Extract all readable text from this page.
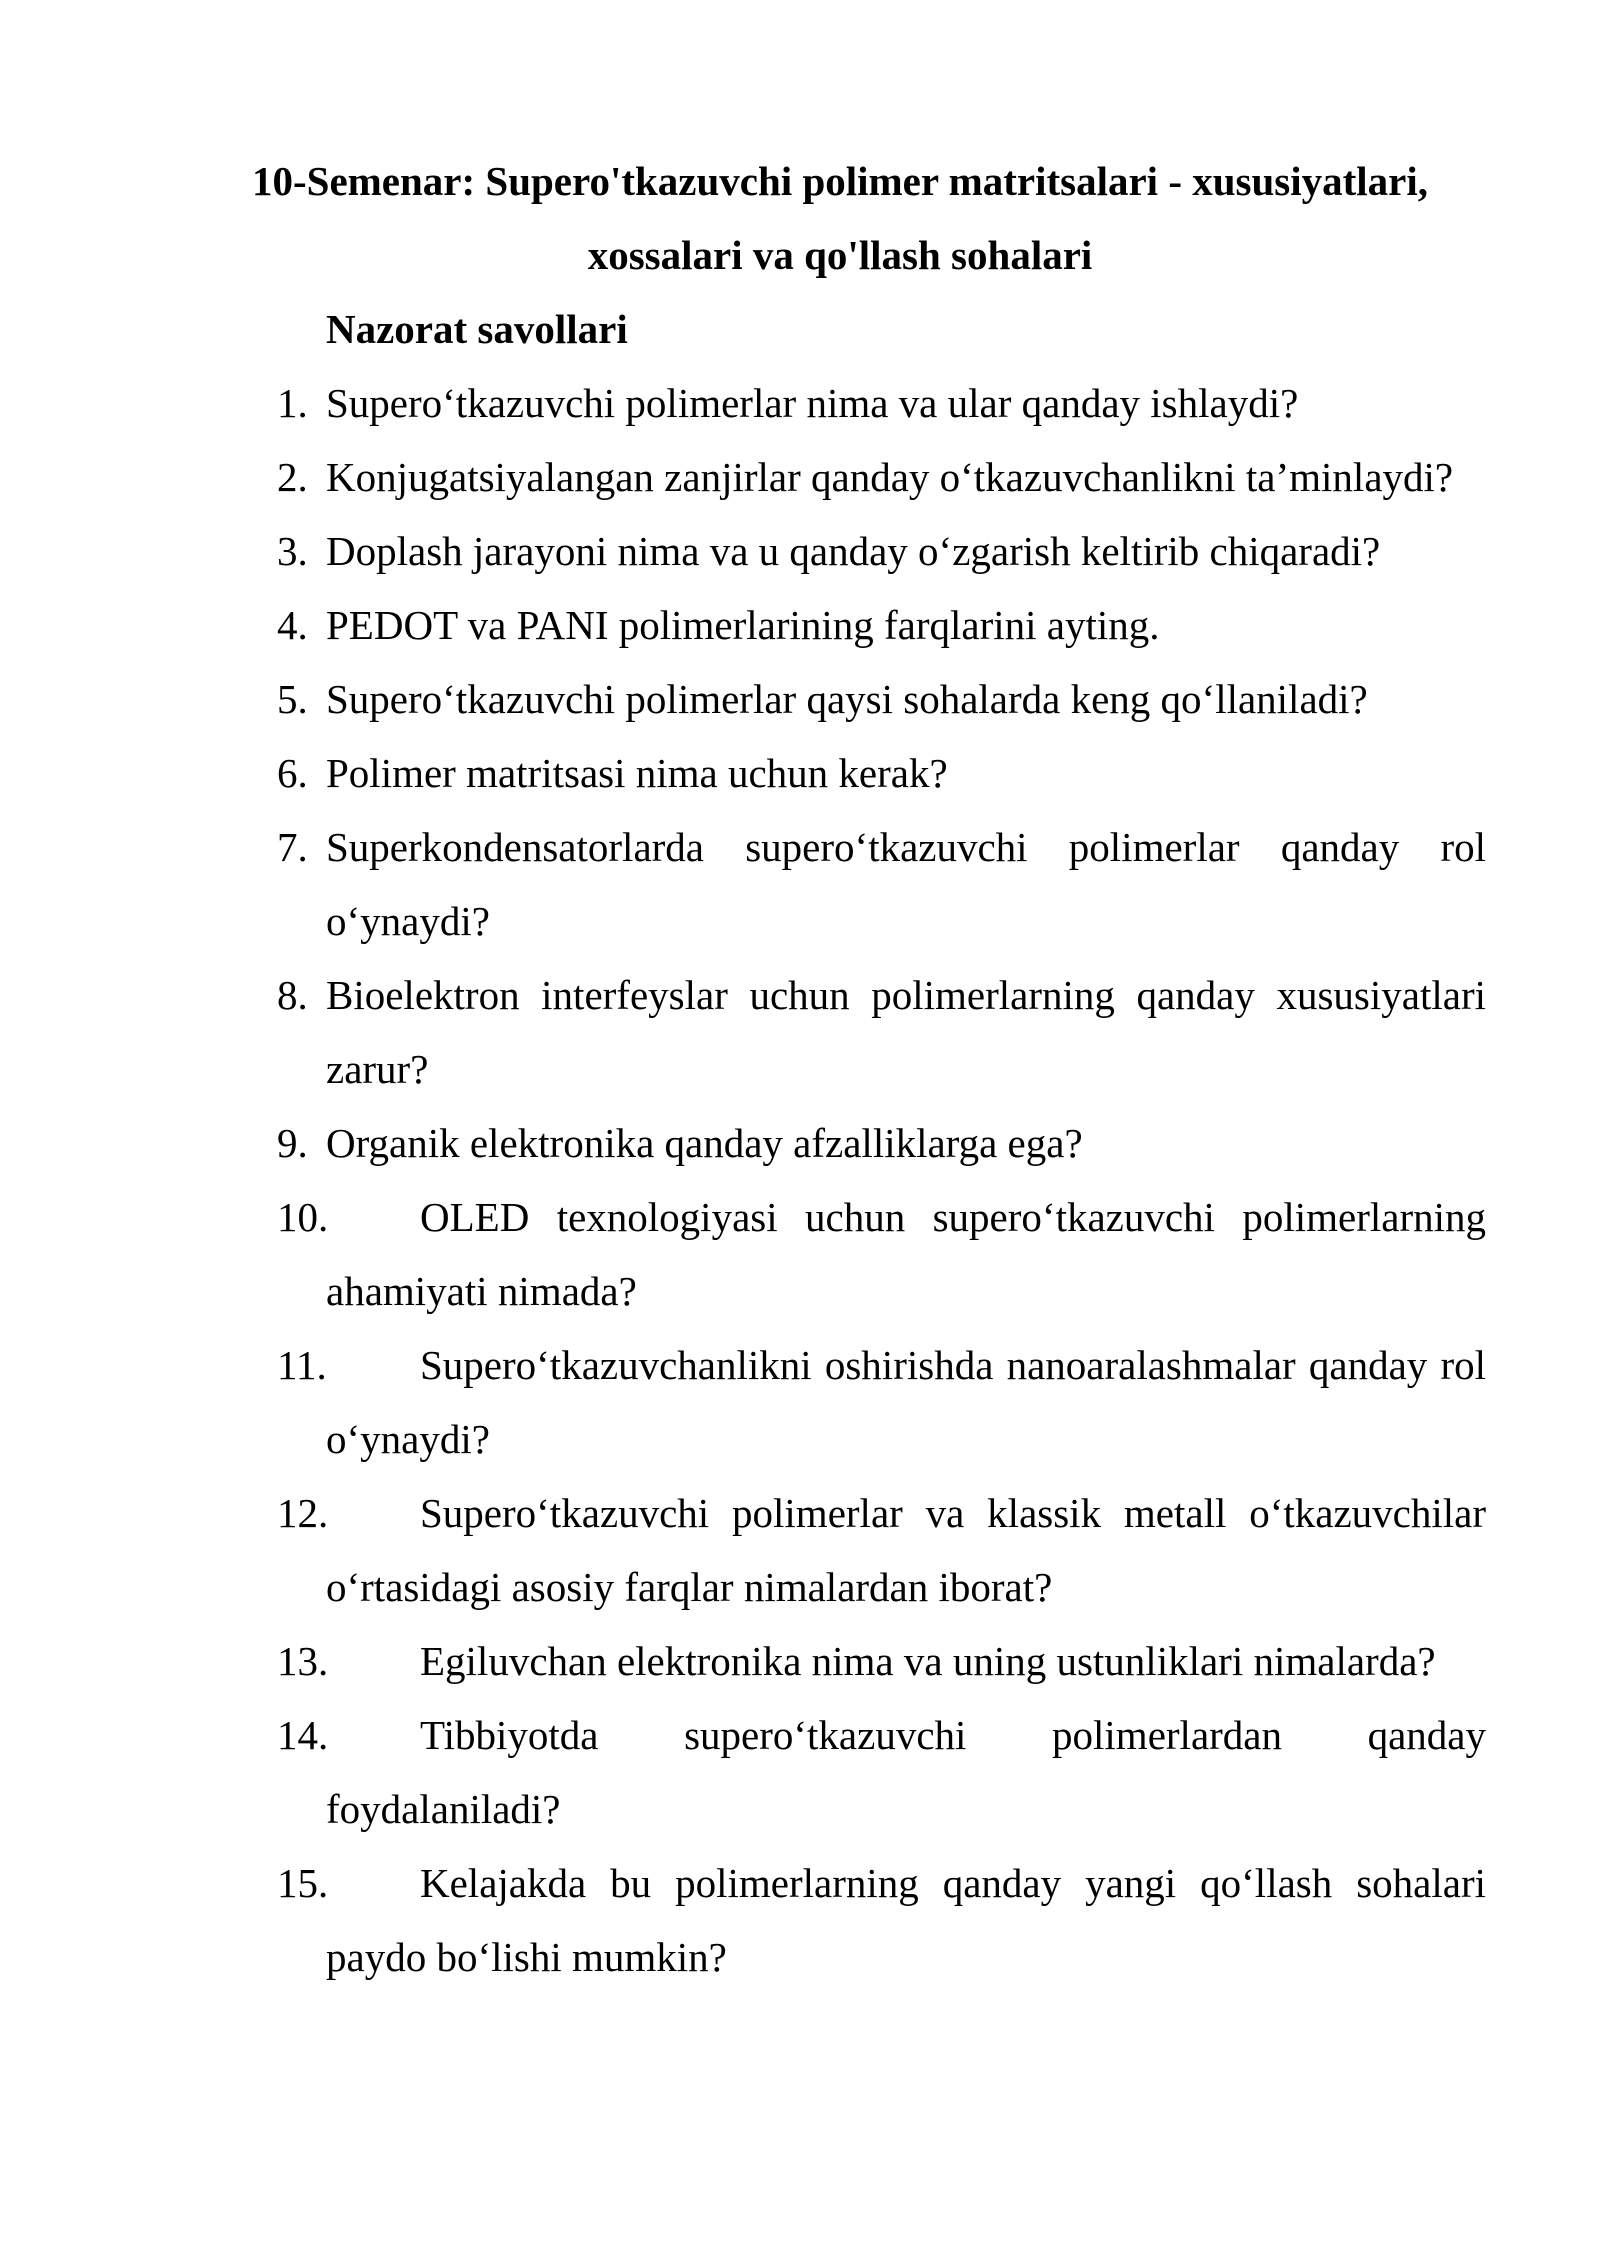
10-Semenar: Supero'tkazuvchi polimer matritsalari - xususiyatlari, xossalari va qo'llash sohalari
Nazorat savollari
1. Supero‘tkazuvchi polimerlar nima va ular qanday ishlaydi?
2. Konjugatsiyalangan zanjirlar qanday o‘tkazuvchanlikni ta’minlaydi?
3. Doplash jarayoni nima va u qanday o‘zgarish keltirib chiqaradi?
4. PEDOT va PANI polimerlarining farqlarini ayting.
5. Supero‘tkazuvchi polimerlar qaysi sohalarda keng qo‘llaniladi?
6. Polimer matritsasi nima uchun kerak?
7. Superkondensatorlarda supero‘tkazuvchi polimerlar qanday rol o‘ynaydi?
8. Bioelektron interfeyslar uchun polimerlarning qanday xususiyatlari zarur?
9. Organik elektronika qanday afzalliklarga ega?
10.	OLED texnologiyasi uchun supero‘tkazuvchi polimerlarning ahamiyati nimada?
11.	Supero‘tkazuvchanlikni oshirishda nanoaralashmalar qanday rol o‘ynaydi?
12.	Supero‘tkazuvchi polimerlar va klassik metall o‘tkazuvchilar o‘rtasidagi asosiy farqlar nimalardan iborat?
13.	Egiluvchan elektronika nima va uning ustunliklari nimalarda?
14.	Tibbiyotda supero‘tkazuvchi polimerlardan qanday foydalaniladi?
15.	Kelajakda bu polimerlarning qanday yangi qo‘llash sohalari paydo bo‘lishi mumkin?
